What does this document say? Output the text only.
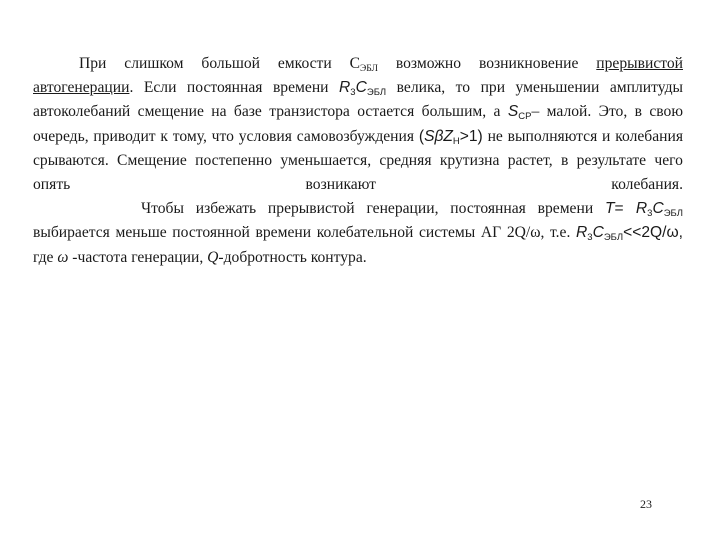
При слишком большой емкости $С_{ЭБЛ}$ возможно возникновение прерывистой автогенерации. Если постоянная времени $R_3C_{ЭБЛ}$ велика, то при уменьшении амплитуды автоколебаний смещение на базе транзистора остается большим, а $S_{СР}-$ малой. Это, в свою очередь, приводит к тому, что условия самовозбуждения (SβZ$_Н$>1) не выполняются и колебания срываются. Смещение постепенно уменьшается, средняя крутизна растет, в результате чего опять возникают	колебания.

Чтобы избежать прерывистой генерации, постоянная времени $T= R_3C_{ЭБЛ}$ выбирается меньше постоянной времени колебательной системы АГ 2Q/ω, т.е. $R_3C_{ЭБЛ}<<2Q/\omega$, где ω -частота генерации, Q-добротность контура.

23
